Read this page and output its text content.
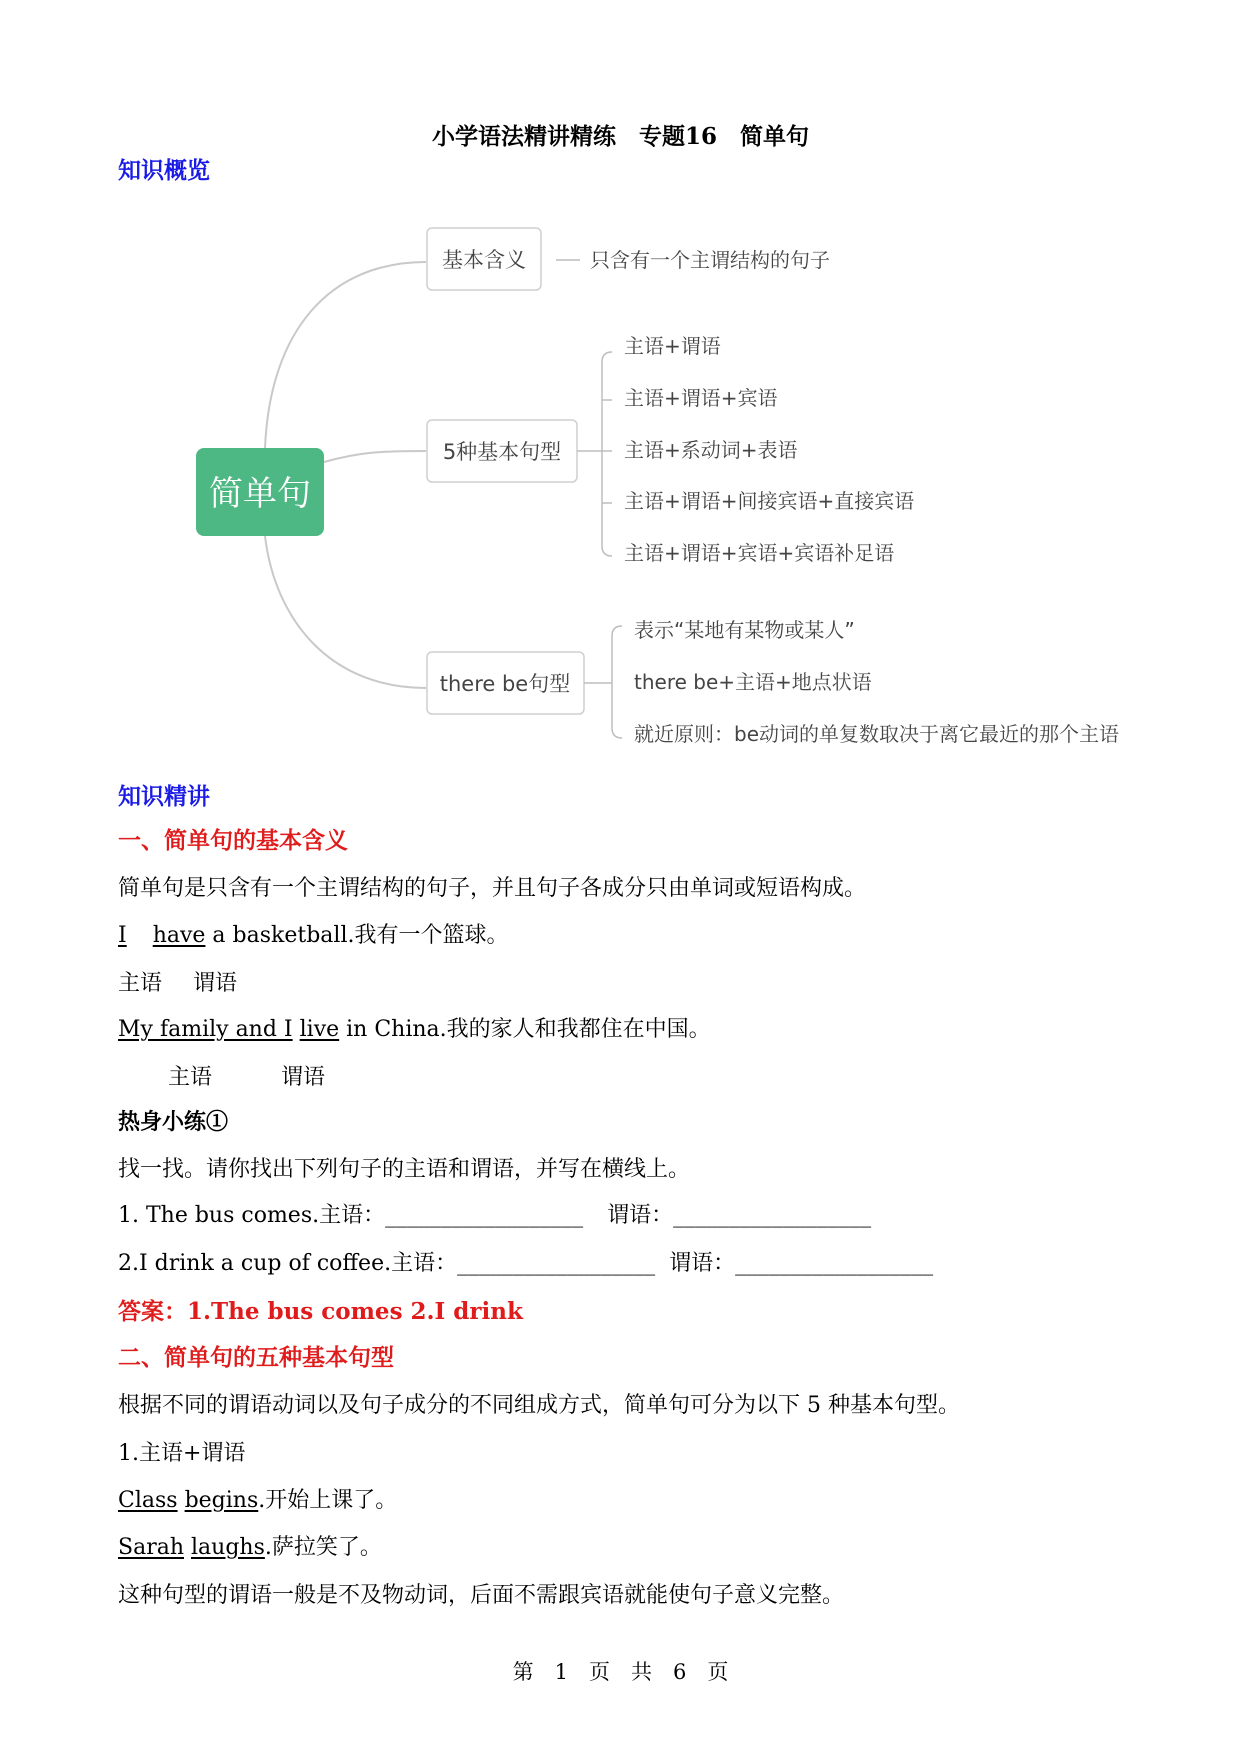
小学语法精讲精练　专题16　简单句
知识概览
简单句
基本含义	只含有一个主谓结构的句子
5种基本句型
主语+谓语
主语+谓语+宾语
主语+系动词+表语
主语+谓语+间接宾语+直接宾语
主语+谓语+宾语+宾语补足语
there be句型
表示“某地有某物或某人”
there be+主语+地点状语
就近原则：be动词的单复数取决于离它最近的那个主语
知识精讲
一、简单句的基本含义
简单句是只含有一个主谓结构的句子，并且句子各成分只由单词或短语构成。
I have a basketball.我有一个篮球。
主语 谓语
My family and I live in China.我的家人和我都住在中国。
主语	谓语
热身小练①
找一找。请你找出下列句子的主语和谓语，并写在横线上。
1. The bus comes.主语：__________________ 谓语：__________________
2.I drink a cup of coffee.主语：__________________ 谓语：__________________
答案：1.The bus comes 2.I drink
二、简单句的五种基本句型
根据不同的谓语动词以及句子成分的不同组成方式，简单句可分为以下 5 种基本句型。
1.主语+谓语
Class begins.开始上课了。
Sarah laughs.萨拉笑了。
这种句型的谓语一般是不及物动词，后面不需跟宾语就能使句子意义完整。
第　1　页　共　6　页
